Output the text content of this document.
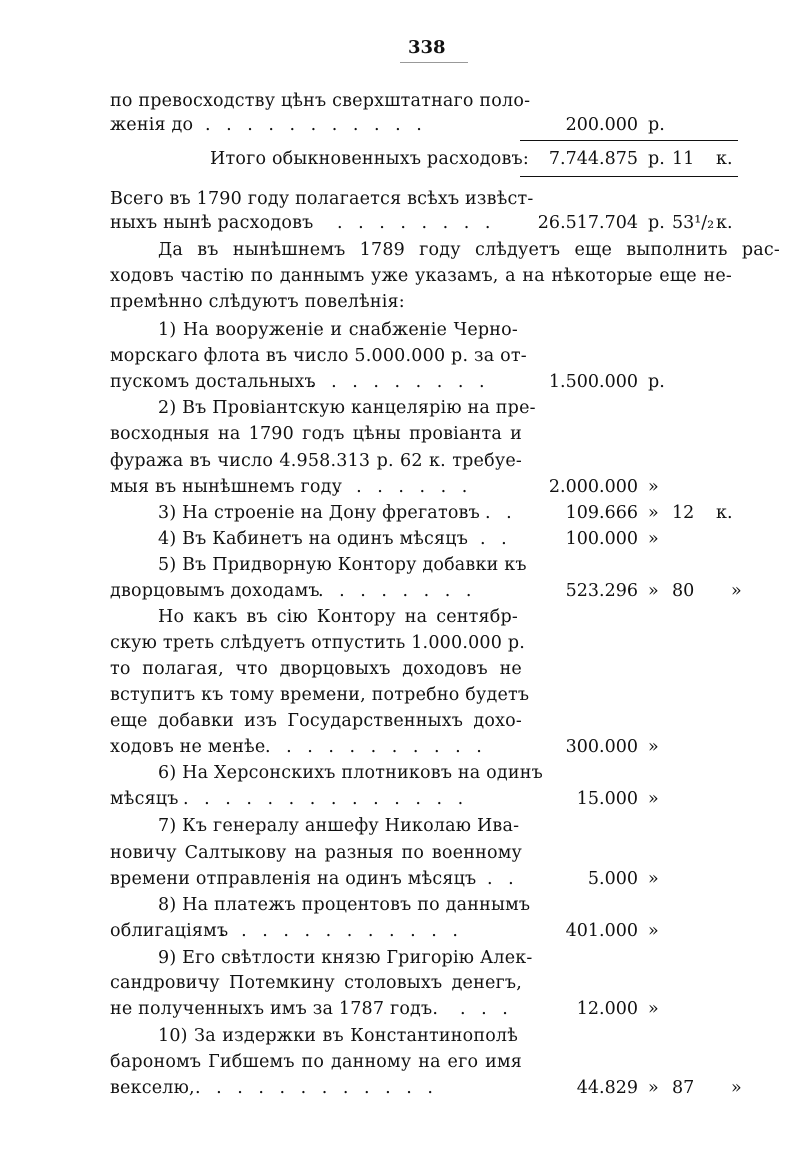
338
по превосходству цѣнъ сверхштатнаго поло-
женія до . . . . . . . . . . .	200.000 р.
Итого обыкновенныхъ расходовъ:	7.744.875 р. 11 к.
Всего въ 1790 году полагается всѣхъ извѣст-
ныхъ нынѣ расходовъ . . . . . . . .	26.517.704 р. 53¹/₂ к.
Да въ нынѣшнемъ 1789 году слѣдуетъ еще выполнить рас-
ходовъ частію по даннымъ уже указамъ, а на нѣкоторые еще не-
премѣнно слѣдуютъ повелѣнія:
1) На вооруженіе и снабженіе Черно-
морскаго флота въ число 5.000.000 р. за от-
пускомъ достальныхъ
. . . . . . . . .	1.500.000 р.
2) Въ Провіантскую канцелярію на пре-
восходныя на 1790 годъ цѣны провіанта и
фуража въ число 4.958.313 р. 62 к. требуе-
мыя въ нынѣшнемъ году
. . . . . . .	2.000.000 »
3) На строеніе на Дону фрегатовъ . .	109.666 » 12 к.
4) Въ Кабинетъ на одинъ мѣсяцъ . .	100.000 »
5) Въ Придворную Контору добавки къ
дворцовымъ доходамъ
. . . . . . . .	523.296 » 80 »
Но какъ въ сію Контору на сентябр-
скую треть слѣдуетъ отпустить 1.000.000 р.
то полагая, что дворцовыхъ доходовъ не
вступитъ къ тому времени, потребно будетъ
еще добавки изъ Государственныхъ дохо-
ходовъ не менѣе . . . . . . . . . . .	300.000 »
6) На Херсонскихъ плотниковъ на одинъ
мѣсяцъ . . . . . . . . . . . . . .	15.000 »
7) Къ генералу аншефу Николаю Ива-
новичу Салтыкову на разныя по военному
времени отправленія на одинъ мѣсяцъ . .	5.000 »
8) На платежъ процентовъ по даннымъ
облигаціямъ
. . . . . . . . . . . .	401.000 »
9) Его свѣтлости князю Григорію Алек-
сандровичу Потемкину столовыхъ денегъ,
не полученныхъ имъ за 1787 годъ. . . .	12.000 »
10) За издержки въ Константинополѣ
барономъ Гибшемъ по данному на его имя
векселю, . . . . . . . . . . . .	44.829 » 87 »
